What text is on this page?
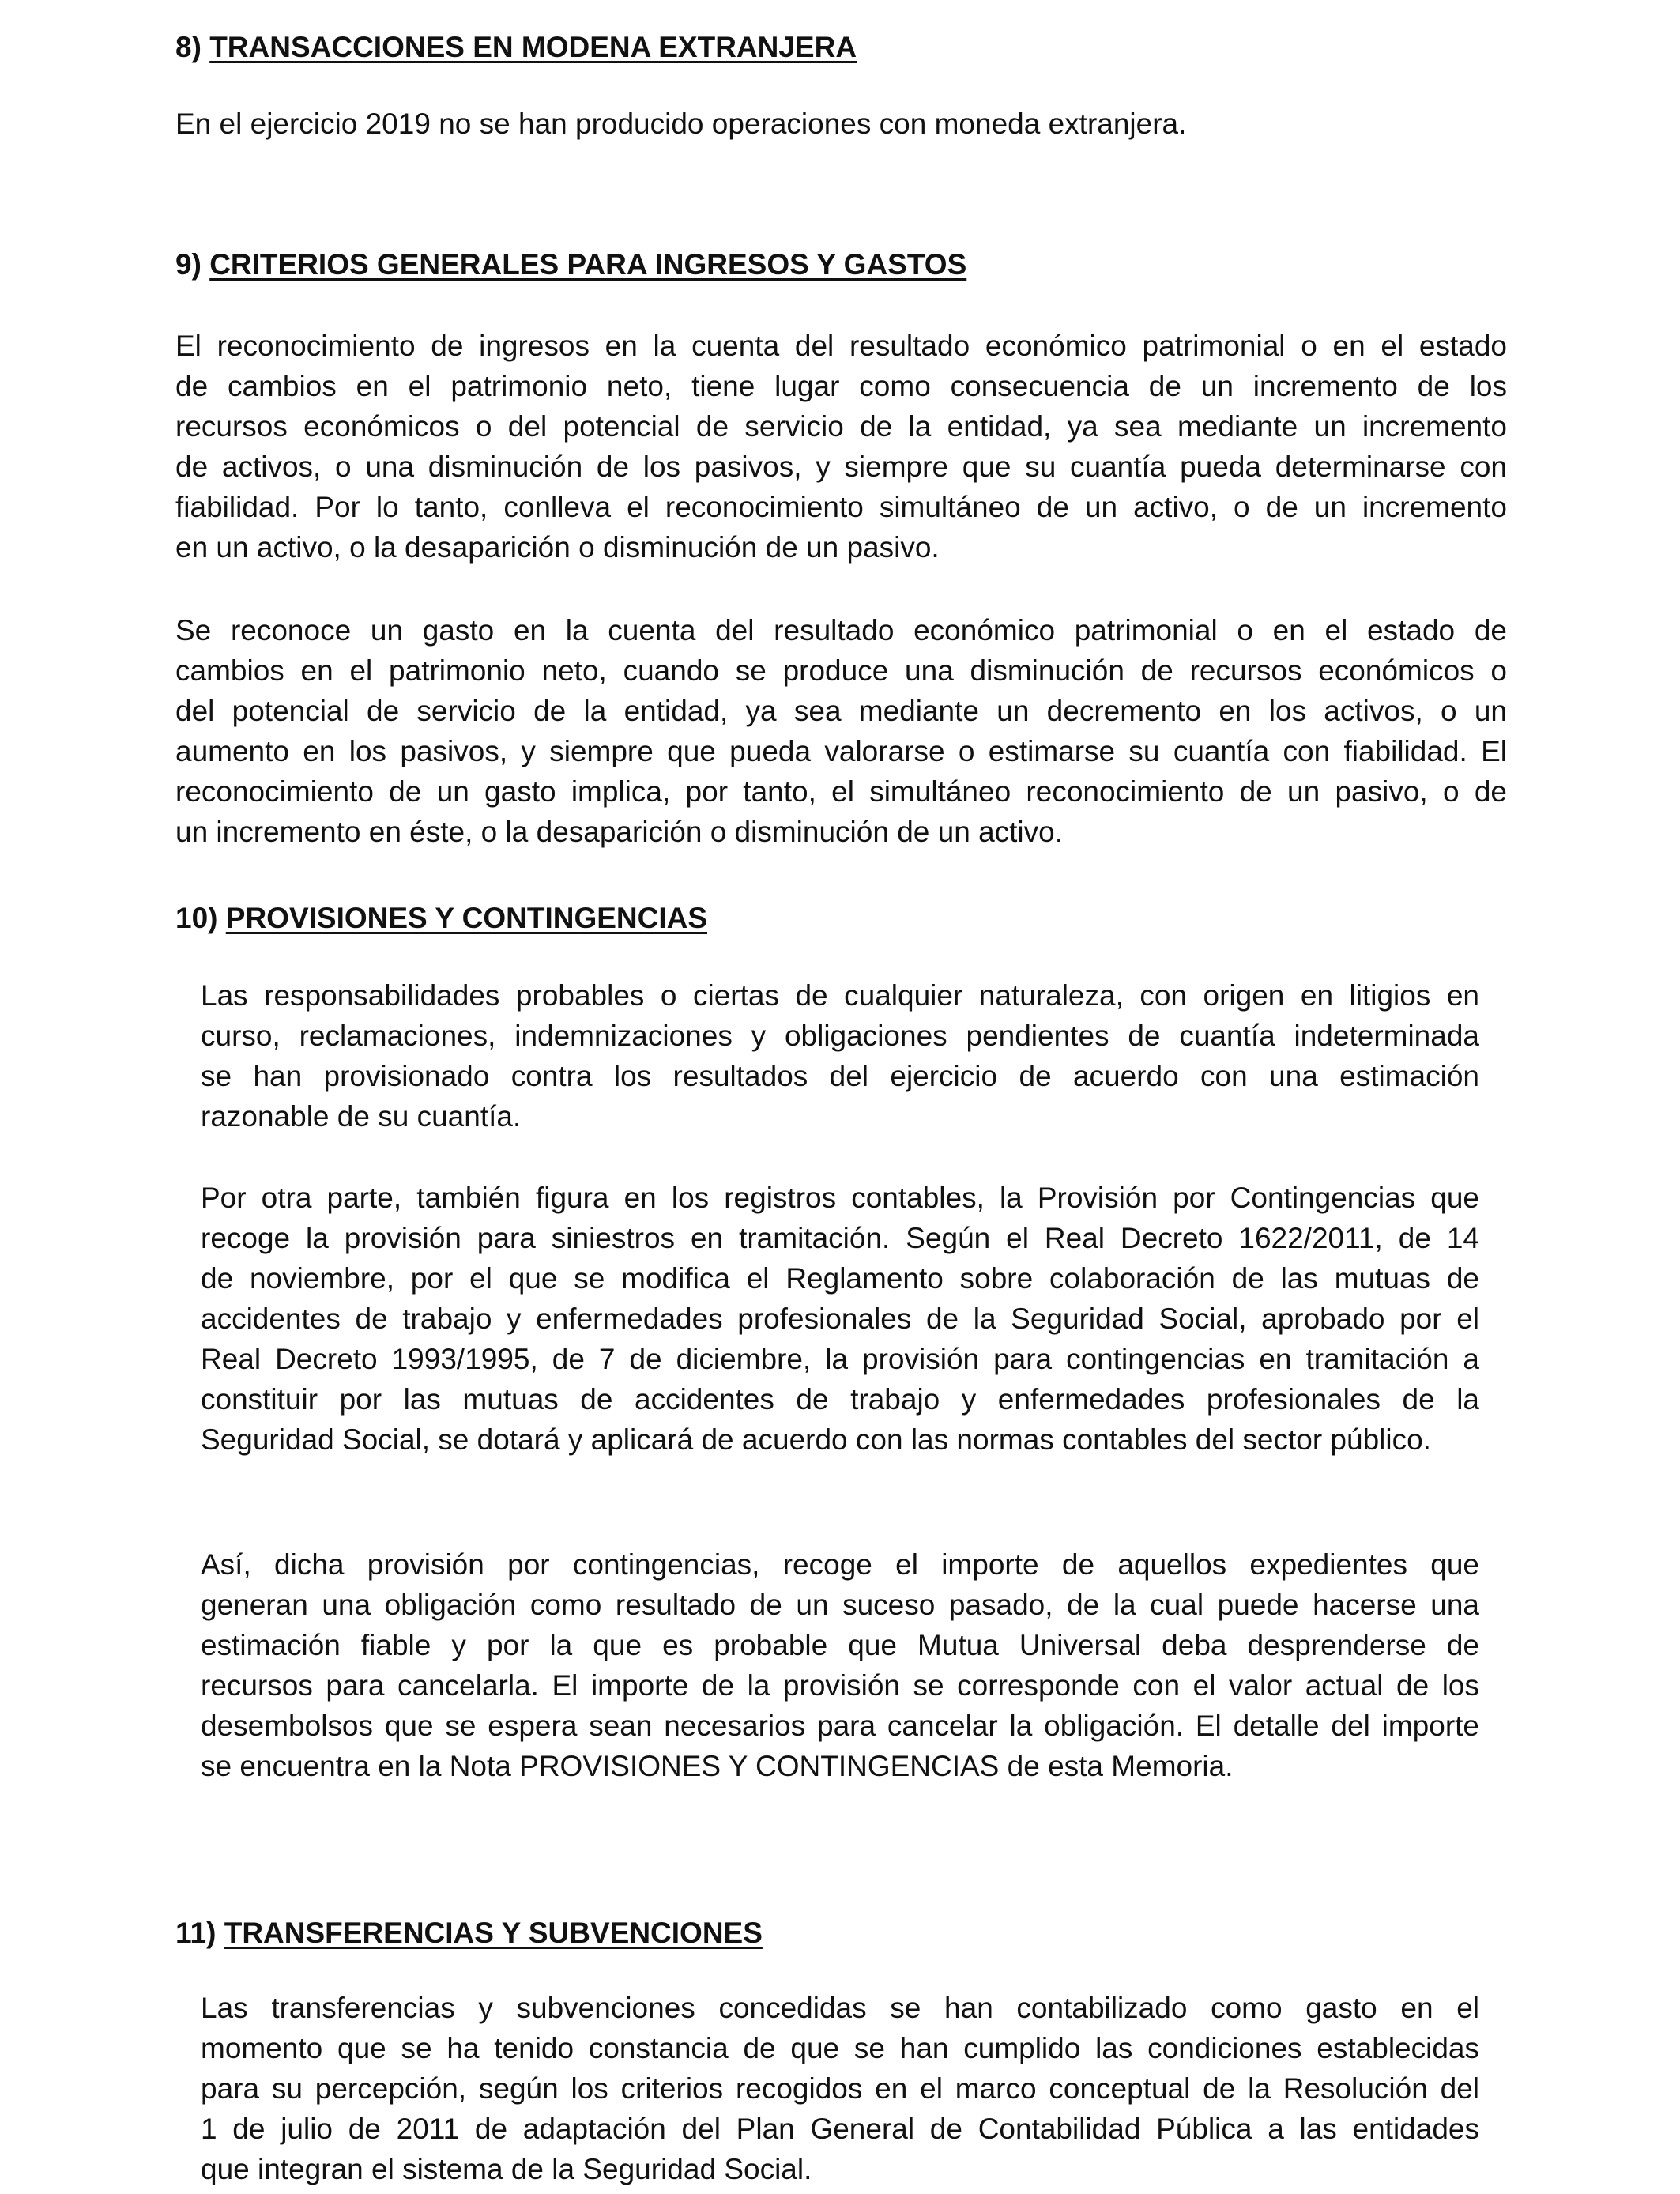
8) TRANSACCIONES EN MODENA EXTRANJERA
En el ejercicio 2019 no se han producido operaciones con moneda extranjera.
9) CRITERIOS GENERALES PARA INGRESOS Y GASTOS
El reconocimiento de ingresos en la cuenta del resultado económico patrimonial o en el estado
de cambios en el patrimonio neto, tiene lugar como consecuencia de un incremento de los
recursos económicos o del potencial de servicio de la entidad, ya sea mediante un incremento
de activos, o una disminución de los pasivos, y siempre que su cuantía pueda determinarse con
fiabilidad. Por lo tanto, conlleva el reconocimiento simultáneo de un activo, o de un incremento
en un activo, o la desaparición o disminución de un pasivo.
Se reconoce un gasto en la cuenta del resultado económico patrimonial o en el estado de
cambios en el patrimonio neto, cuando se produce una disminución de recursos económicos o
del potencial de servicio de la entidad, ya sea mediante un decremento en los activos, o un
aumento en los pasivos, y siempre que pueda valorarse o estimarse su cuantía con fiabilidad. El
reconocimiento de un gasto implica, por tanto, el simultáneo reconocimiento de un pasivo, o de
un incremento en éste, o la desaparición o disminución de un activo.
10) PROVISIONES Y CONTINGENCIAS
Las responsabilidades probables o ciertas de cualquier naturaleza, con origen en litigios en
curso, reclamaciones, indemnizaciones y obligaciones pendientes de cuantía indeterminada
se han provisionado contra los resultados del ejercicio de acuerdo con una estimación
razonable de su cuantía.
Por otra parte, también figura en los registros contables, la Provisión por Contingencias que
recoge la provisión para siniestros en tramitación. Según el Real Decreto 1622/2011, de 14
de noviembre, por el que se modifica el Reglamento sobre colaboración de las mutuas de
accidentes de trabajo y enfermedades profesionales de la Seguridad Social, aprobado por el
Real Decreto 1993/1995, de 7 de diciembre, la provisión para contingencias en tramitación a
constituir por las mutuas de accidentes de trabajo y enfermedades profesionales de la
Seguridad Social, se dotará y aplicará de acuerdo con las normas contables del sector público.
Así, dicha provisión por contingencias, recoge el importe de aquellos expedientes que
generan una obligación como resultado de un suceso pasado, de la cual puede hacerse una
estimación fiable y por la que es probable que Mutua Universal deba desprenderse de
recursos para cancelarla. El importe de la provisión se corresponde con el valor actual de los
desembolsos que se espera sean necesarios para cancelar la obligación. El detalle del importe
se encuentra en la Nota PROVISIONES Y CONTINGENCIAS de esta Memoria.
11) TRANSFERENCIAS Y SUBVENCIONES
Las transferencias y subvenciones concedidas se han contabilizado como gasto en el
momento que se ha tenido constancia de que se han cumplido las condiciones establecidas
para su percepción, según los criterios recogidos en el marco conceptual de la Resolución del
1 de julio de 2011 de adaptación del Plan General de Contabilidad Pública a las entidades
que integran el sistema de la Seguridad Social.
